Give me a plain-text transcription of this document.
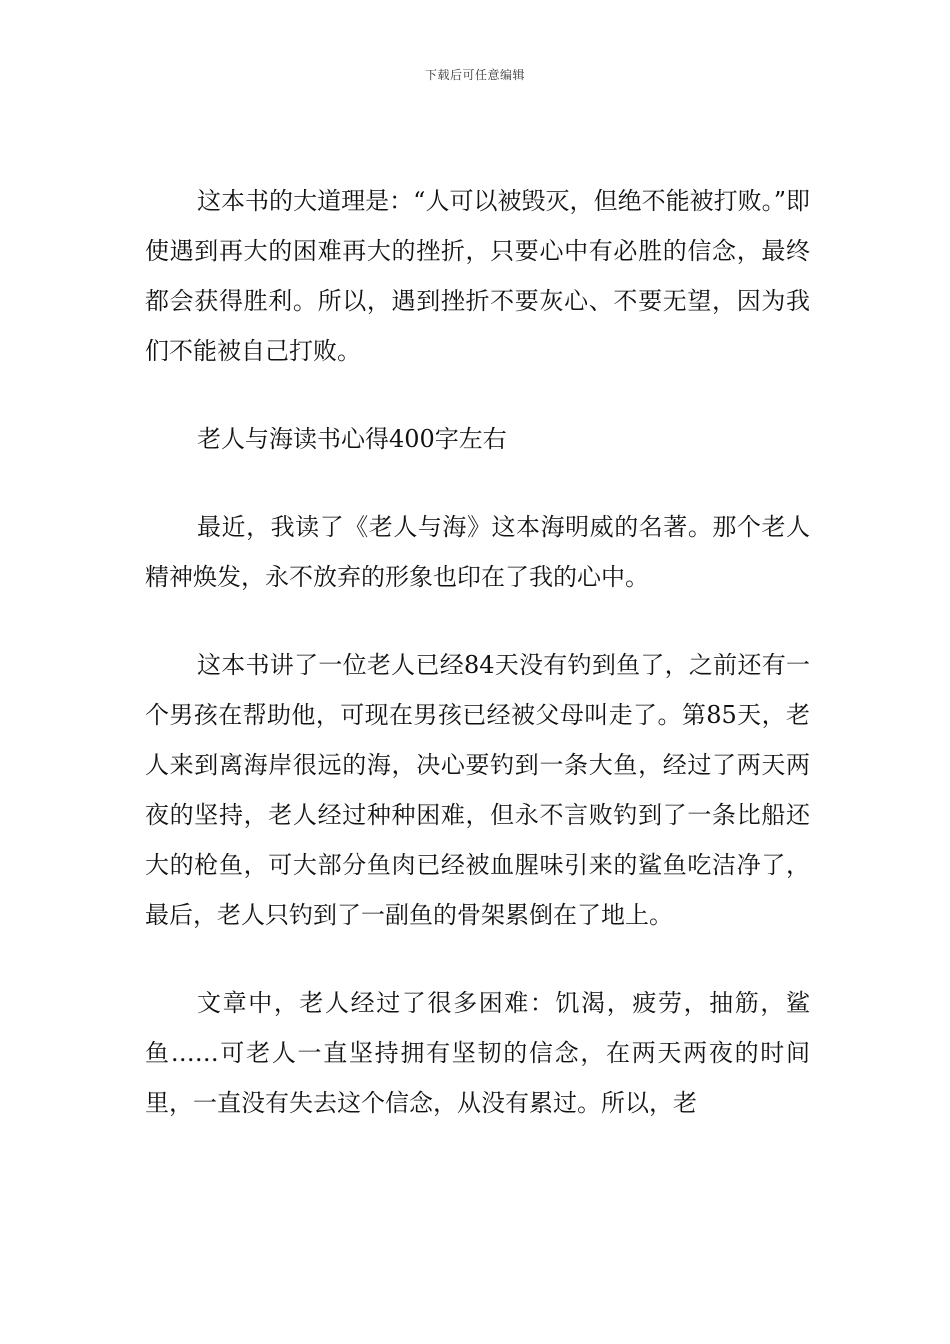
下载后可任意编辑

这本书的大道理是：“人可以被毁灭，但绝不能被打败。”即使遇到再大的困难再大的挫折，只要心中有必胜的信念，最终都会获得胜利。所以，遇到挫折不要灰心、不要无望，因为我们不能被自己打败。

老人与海读书心得400字左右

最近，我读了《老人与海》这本海明威的名著。那个老人精神焕发，永不放弃的形象也印在了我的心中。

这本书讲了一位老人已经84天没有钓到鱼了，之前还有一个男孩在帮助他，可现在男孩已经被父母叫走了。第85天，老人来到离海岸很远的海，决心要钓到一条大鱼，经过了两天两夜的坚持，老人经过种种困难，但永不言败钓到了一条比船还大的枪鱼，可大部分鱼肉已经被血腥味引来的鲨鱼吃洁净了，最后，老人只钓到了一副鱼的骨架累倒在了地上。

文章中，老人经过了很多困难：饥渴，疲劳，抽筋，鲨鱼……可老人一直坚持拥有坚韧的信念，在两天两夜的时间里，一直没有失去这个信念，从没有累过。所以，老
